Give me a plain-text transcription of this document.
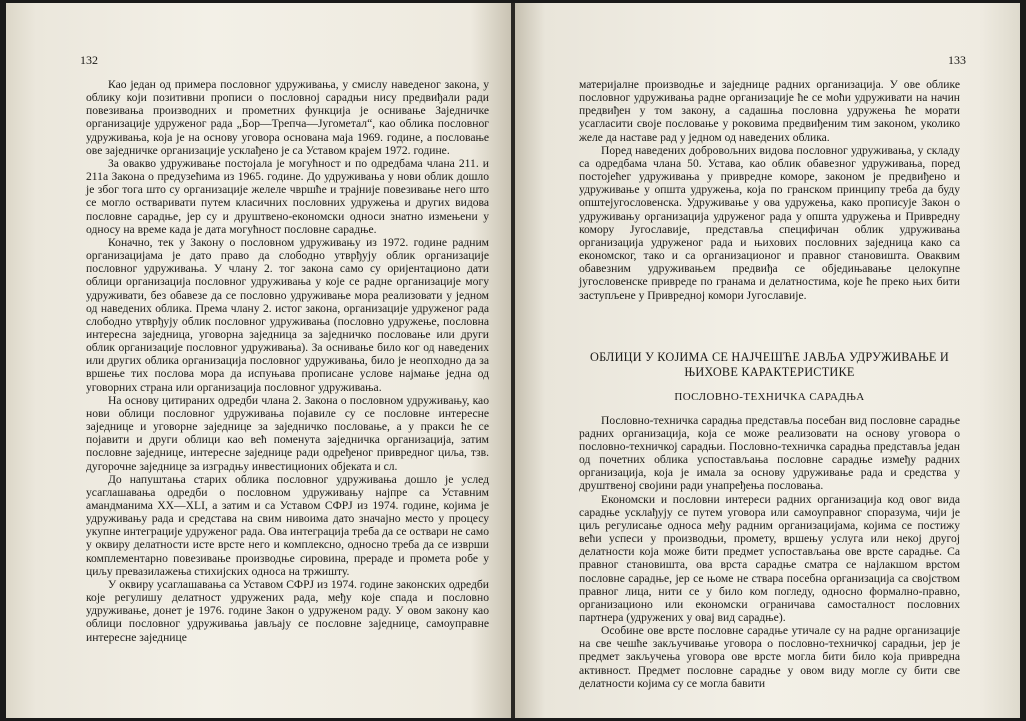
132

Као један од примера пословног удруживања, у смислу наведеног закона, у облику који позитивни прописи о пословној сарадњи нису предвиђали ради повезивања производних и прометних функција је оснивање Заједничке организације удруженог рада „Бор—Трепча—Југометал“, као облика пословног удруживања, која је на основу уговора основана маја 1969. године, а пословање ове заједничке организације усклађено је са Уставом крајем 1972. године.

За овакво удруживање постојала је могућност и по одредбама члана 211. и 211а Закона о предузећима из 1965. године. До удруживања у нови облик дошло је због тога што су организације желеле чвршће и трајније повезивање него што се могло остваривати путем класичних пословних удружења и других видова пословне сарадње, јер су и друштвено-економски односи знатно измењени у односу на време када је дата могућност пословне сарадње.

Коначно, тек у Закону о пословном удруживању из 1972. године радним организацијама је дато право да слободно утврђују облик организације пословног удруживања. У члану 2. тог закона само су оријентационо дати облици организација пословног удруживања у које се радне организације могу удруживати, без обавезе да се пословно удруживање мора реализовати у једном од наведених облика. Према члану 2. истог закона, организације удруженог рада слободно утврђују облик пословног удруживања (пословно удружење, пословна интересна заједница, уговорна заједница за заједничко пословање или други облик организације пословног удруживања). За оснивање било ког од наведених или других облика организација пословног удруживања, било је неопходно да за вршење тих послова мора да испуњава прописане услове најмање једна од уговорних страна или организација пословног удруживања.

На основу цитираних одредби члана 2. Закона о пословном удруживању, као нови облици пословног удруживања појавиле су се пословне интересне заједнице и уговорне заједнице за заједничко пословање, а у пракси ће се појавити и други облици као већ поменута заједничка организација, затим пословне заједнице, интересне заједнице ради одређеног привредног циља, тзв. дугорочне заједнице за изградњу инвестиционих објеката и сл.

До напуштања старих облика пословног удруживања дошло је услед усаглашавања одредби о пословном удруживању најпре са Уставним амандманима XX—XLI, а затим и са Уставом СФРЈ из 1974. године, којима је удруживању рада и средстава на свим нивоима дато значајно место у процесу укупне интеграције удруженог рада. Ова интеграција треба да се оствари не само у оквиру делатности исте врсте него и комплексно, односно треба да се изврши комплементарно повезивање производње сировина, прераде и промета робе у циљу превазилажења стихијских односа на тржишту.

У оквиру усаглашавања са Уставом СФРЈ из 1974. године законских одредби које регулишу делатност удружених рада, међу које спада и пословно удруживање, донет је 1976. године Закон о удруженом раду. У овом закону као облици пословног удруживања јављају се пословне заједнице, самоуправне интересне заједнице

133

материјалне производње и заједнице радних организација. У ове облике пословног удруживања радне организације ће се моћи удруживати на начин предвиђен у том закону, а садашња пословна удружења ће морати усагласити своје пословање у роковима предвиђеним тим законом, уколико желе да наставе рад у једном од наведених облика.

Поред наведених добровољних видова пословног удруживања, у складу са одредбама члана 50. Устава, као облик обавезног удруживања, поред постојећег удруживања у привредне коморе, законом је предвиђено и удруживање у општа удружења, која по гранском принципу треба да буду општејугословенска. Удруживање у ова удружења, како прописује Закон о удруживању организација удруженог рада у општа удружења и Привредну комору Југославије, представља специфичан облик удруживања организација удруженог рада и њихових пословних заједница како са економског, тако и са организационог и правног становишта. Оваквим обавезним удруживањем предвиђа се обједињавање целокупне југословенске привреде по гранама и делатностима, које ће преко њих бити заступљене у Привредној комори Југославије.

ОБЛИЦИ У КОЈИМА СЕ НАЈЧЕШЋЕ ЈАВЉА УДРУЖИВАЊЕ И ЊИХОВЕ КАРАКТЕРИСТИКЕ
ПОСЛОВНО-ТЕХНИЧКА САРАДЊА

Пословно-техничка сарадња представља посебан вид пословне сарадње радних организација, која се може реализовати на основу уговора о пословно-техничкој сарадњи. Пословно-техничка сарадња представља један од почетних облика успостављања пословне сарадње између радних организација, која је имала за основу удруживање рада и средства у друштвеној својини ради унапређења пословања.

Економски и пословни интереси радних организација код овог вида сарадње усклађују се путем уговора или самоуправног споразума, чији је циљ регулисање односа међу радним организацијама, којима се постижу већи успеси у производњи, промету, вршењу услуга или некој другој делатности која може бити предмет успостављања ове врсте сарадње. Са правног становишта, ова врста сарадње сматра се најлакшом врстом пословне сарадње, јер се њоме не ствара посебна организација са својством правног лица, нити се у било ком погледу, односно формално-правно, организационо или економски ограничава самосталност пословних партнера (удружених у овај вид сарадње).

Особине ове врсте пословне сарадње утичале су на радне организације на све чешће закључивање уговора о пословно-техничкој сарадњи, јер је предмет закључења уговора ове врсте могла бити било која привредна активност. Предмет пословне сарадње у овом виду могле су бити све делатности којима су се могла бавити
